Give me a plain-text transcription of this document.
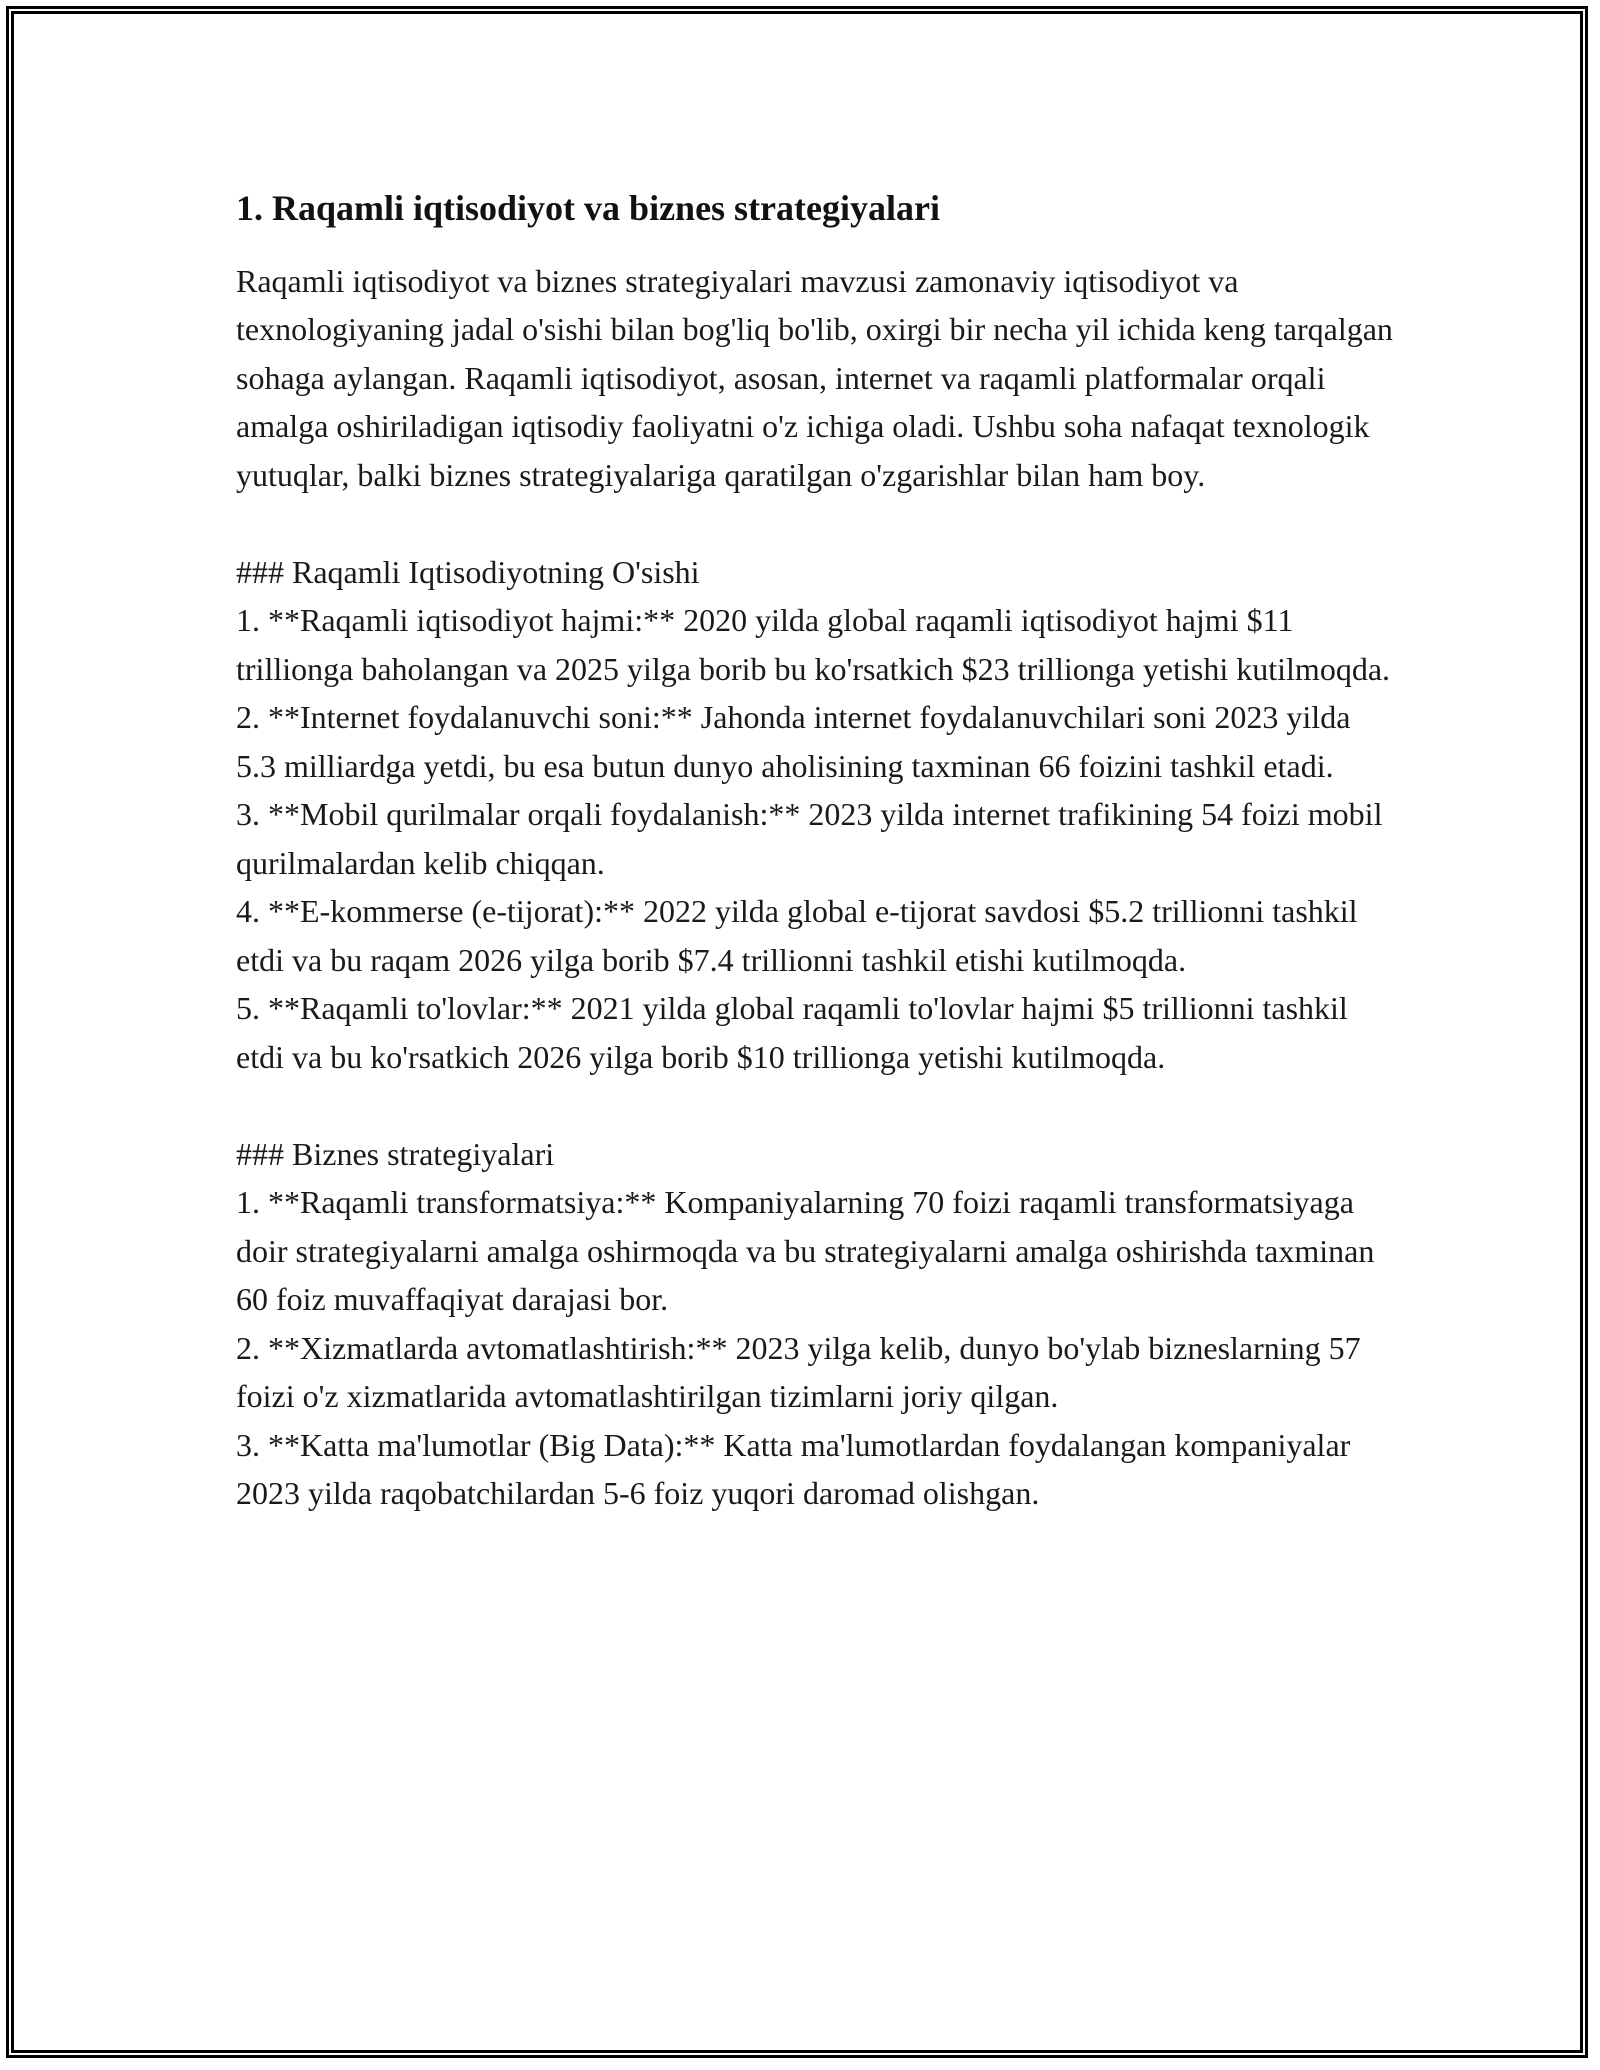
1. Raqamli iqtisodiyot va biznes strategiyalari

Raqamli iqtisodiyot va biznes strategiyalari mavzusi zamonaviy iqtisodiyot va texnologiyaning jadal o'sishi bilan bog'liq bo'lib, oxirgi bir necha yil ichida keng tarqalgan sohaga aylangan. Raqamli iqtisodiyot, asosan, internet va raqamli platformalar orqali amalga oshiriladigan iqtisodiy faoliyatni o'z ichiga oladi. Ushbu soha nafaqat texnologik yutuqlar, balki biznes strategiyalariga qaratilgan o'zgarishlar bilan ham boy.

### Raqamli Iqtisodiyotning O'sishi

1. **Raqamli iqtisodiyot hajmi:** 2020 yilda global raqamli iqtisodiyot hajmi $11 trillionga baholangan va 2025 yilga borib bu ko'rsatkich $23 trillionga yetishi kutilmoqda.

2. **Internet foydalanuvchi soni:** Jahonda internet foydalanuvchilari soni 2023 yilda 5.3 milliardga yetdi, bu esa butun dunyo aholisining taxminan 66 foizini tashkil etadi.

3. **Mobil qurilmalar orqali foydalanish:** 2023 yilda internet trafikining 54 foizi mobil qurilmalardan kelib chiqqan.

4. **E-kommerse (e-tijorat):** 2022 yilda global e-tijorat savdosi $5.2 trillionni tashkil etdi va bu raqam 2026 yilga borib $7.4 trillionni tashkil etishi kutilmoqda.

5. **Raqamli to'lovlar:** 2021 yilda global raqamli to'lovlar hajmi $5 trillionni tashkil etdi va bu ko'rsatkich 2026 yilga borib $10 trillionga yetishi kutilmoqda.

### Biznes strategiyalari

1. **Raqamli transformatsiya:** Kompaniyalarning 70 foizi raqamli transformatsiyaga doir strategiyalarni amalga oshirmoqda va bu strategiyalarni amalga oshirishda taxminan 60 foiz muvaffaqiyat darajasi bor.

2. **Xizmatlarda avtomatlashtirish:** 2023 yilga kelib, dunyo bo'ylab bizneslarning 57 foizi o'z xizmatlarida avtomatlashtirilgan tizimlarni joriy qilgan.

3. **Katta ma'lumotlar (Big Data):** Katta ma'lumotlardan foydalangan kompaniyalar 2023 yilda raqobatchilardan 5-6 foiz yuqori daromad olishgan.
